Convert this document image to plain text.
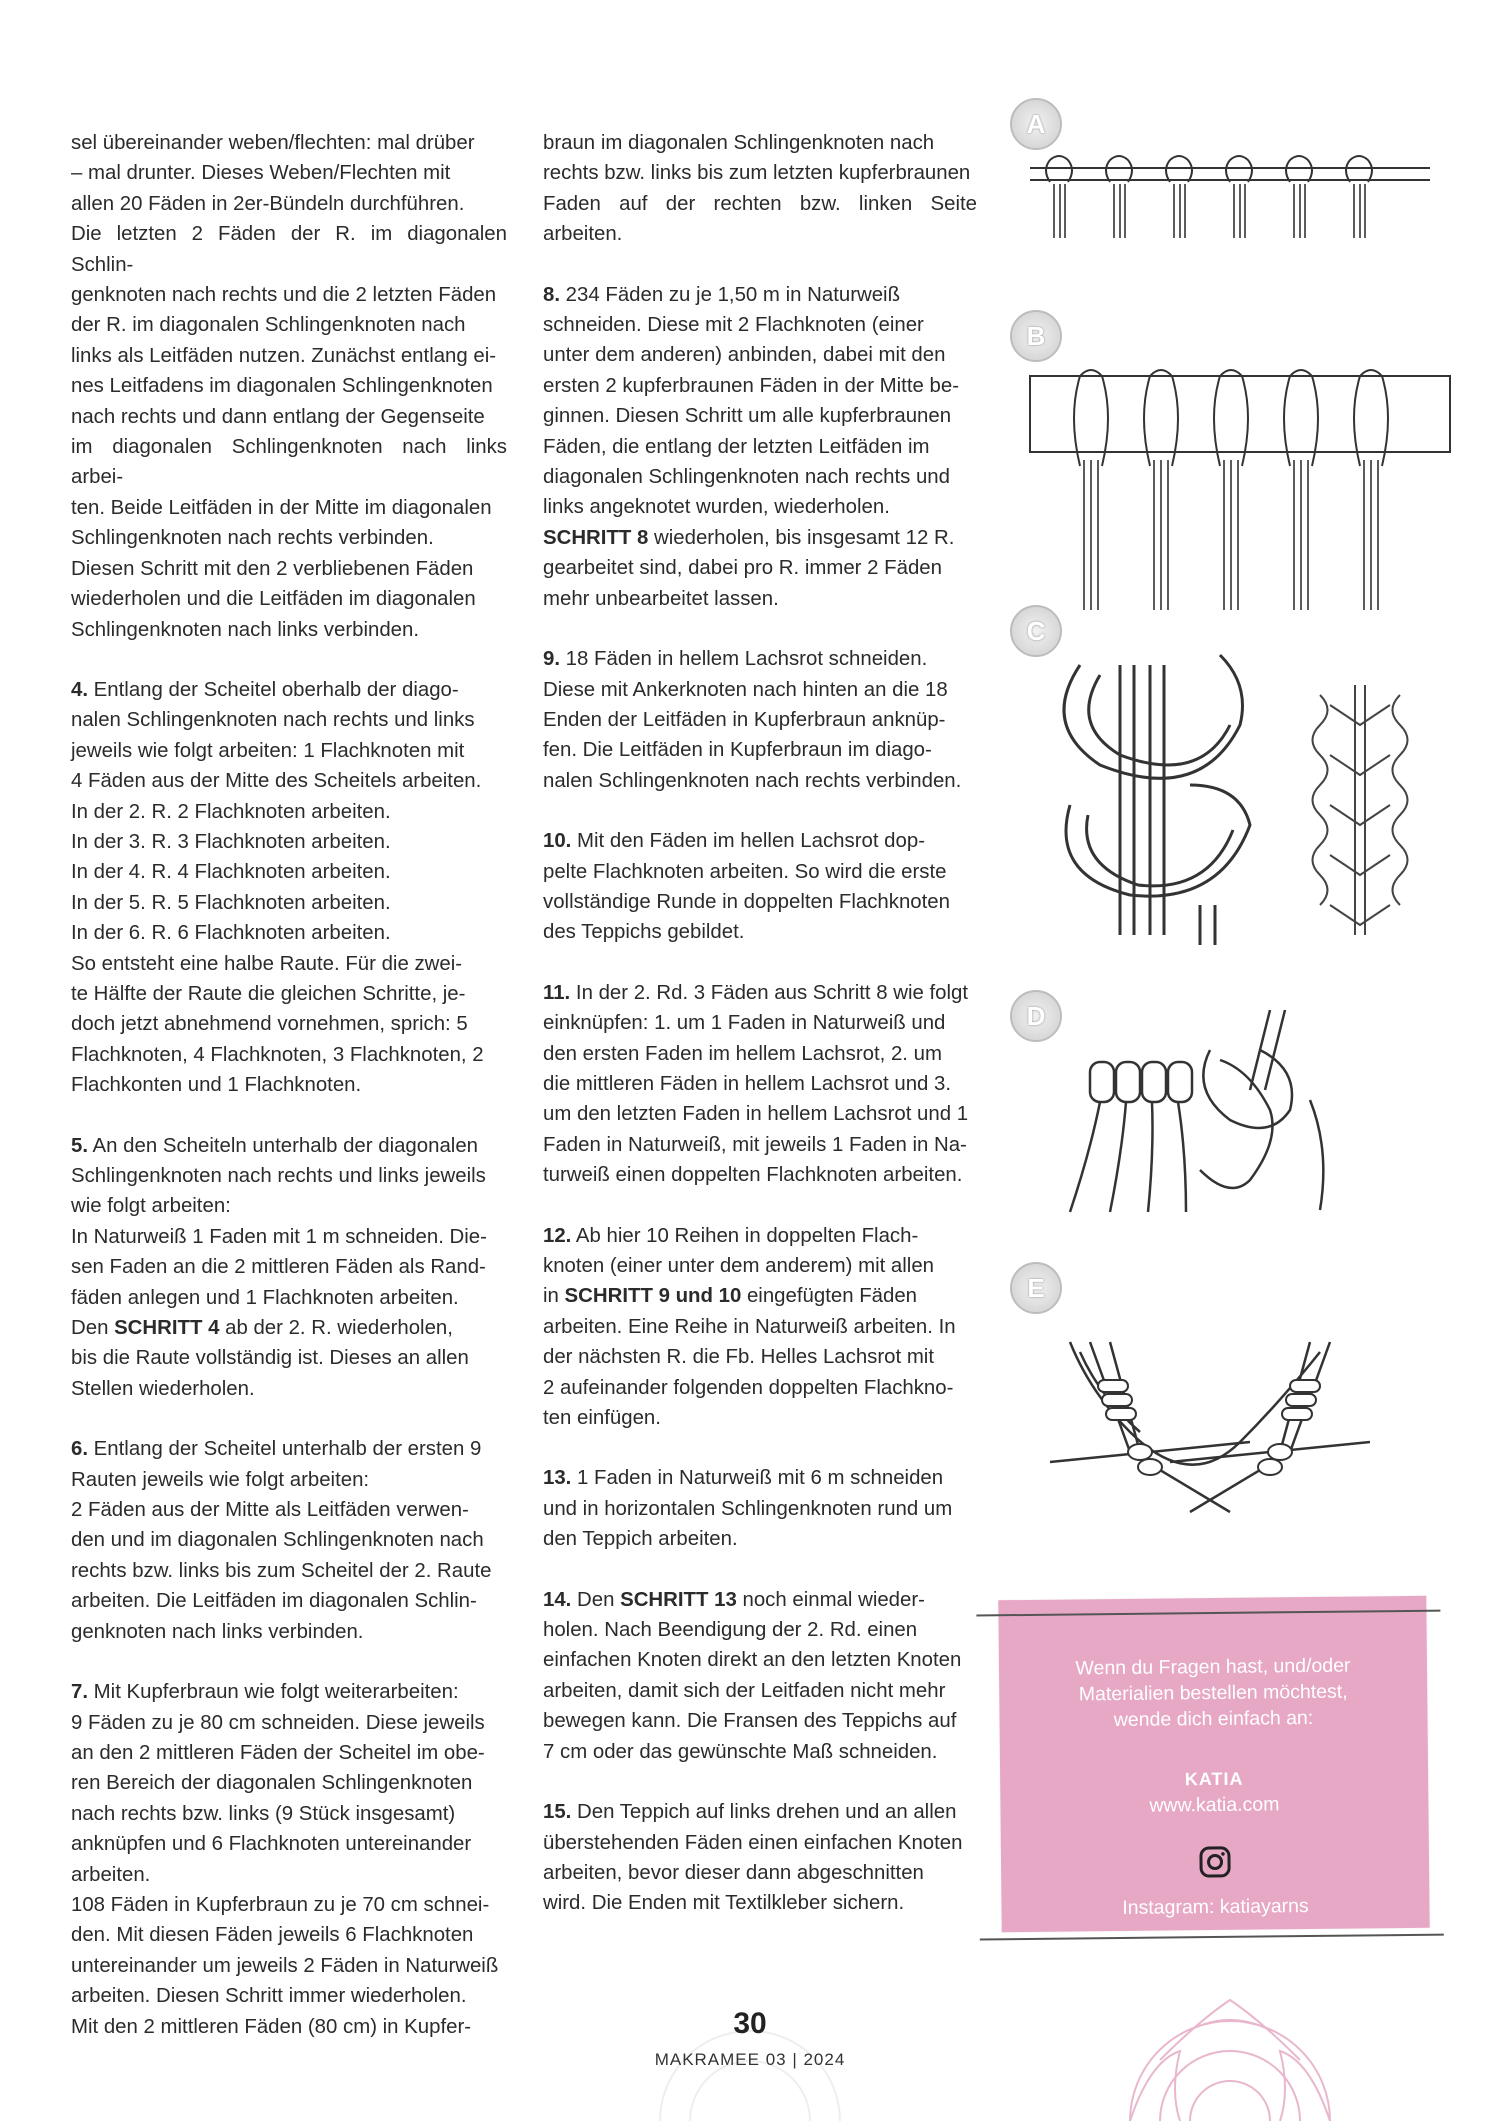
sel übereinander weben/flechten: mal drüber
– mal drunter. Dieses Weben/Flechten mit
allen 20 Fäden in 2er-Bündeln durchführen.
Die letzten 2 Fäden der R. im diagonalen Schlin-
genknoten nach rechts und die 2 letzten Fäden
der R. im diagonalen Schlingenknoten nach
links als Leitfäden nutzen. Zunächst entlang ei-
nes Leitfadens im diagonalen Schlingenknoten
nach rechts und dann entlang der Gegenseite
im diagonalen Schlingenknoten nach links arbei-
ten. Beide Leitfäden in der Mitte im diagonalen
Schlingenknoten nach rechts verbinden.
Diesen Schritt mit den 2 verbliebenen Fäden
wiederholen und die Leitfäden im diagonalen
Schlingenknoten nach links verbinden.

4. Entlang der Scheitel oberhalb der diago-

nalen Schlingenknoten nach rechts und links
jeweils wie folgt arbeiten: 1 Flachknoten mit
4 Fäden aus der Mitte des Scheitels arbeiten.
In der 2. R. 2 Flachknoten arbeiten.
In der 3. R. 3 Flachknoten arbeiten.
In der 4. R. 4 Flachknoten arbeiten.
In der 5. R. 5 Flachknoten arbeiten.
In der 6. R. 6 Flachknoten arbeiten.
So entsteht eine halbe Raute. Für die zwei-
te Hälfte der Raute die gleichen Schritte, je-
doch jetzt abnehmend vornehmen, sprich: 5
Flachknoten, 4 Flachknoten, 3 Flachknoten, 2
Flachkonten und 1 Flachknoten.

5. An den Scheiteln unterhalb der diagonalen

Schlingenknoten nach rechts und links jeweils
wie folgt arbeiten:
In Naturweiß 1 Faden mit 1 m schneiden. Die-
sen Faden an die 2 mittleren Fäden als Rand-
fäden anlegen und 1 Flachknoten arbeiten.
Den SCHRITT 4 ab der 2. R. wiederholen,
bis die Raute vollständig ist. Dieses an allen

Stellen wiederholen.

6. Entlang der Scheitel unterhalb der ersten 9

Rauten jeweils wie folgt arbeiten:
2 Fäden aus der Mitte als Leitfäden verwen-
den und im diagonalen Schlingenknoten nach
rechts bzw. links bis zum Scheitel der 2. Raute
arbeiten. Die Leitfäden im diagonalen Schlin-
genknoten nach links verbinden.

7. Mit Kupferbraun wie folgt weiterarbeiten:

9 Fäden zu je 80 cm schneiden. Diese jeweils
an den 2 mittleren Fäden der Scheitel im obe-
ren Bereich der diagonalen Schlingenknoten
nach rechts bzw. links (9 Stück insgesamt)
anknüpfen und 6 Flachknoten untereinander
arbeiten.
108 Fäden in Kupferbraun zu je 70 cm schnei-
den. Mit diesen Fäden jeweils 6 Flachknoten
untereinander um jeweils 2 Fäden in Naturweiß
arbeiten. Diesen Schritt immer wiederholen.
Mit den 2 mittleren Fäden (80 cm) in Kupfer-

braun im diagonalen Schlingenknoten nach
rechts bzw. links bis zum letzten kupferbraunen
Faden auf der rechten bzw. linken Seite arbeiten.

8. 234 Fäden zu je 1,50 m in Naturweiß

schneiden. Diese mit 2 Flachknoten (einer
unter dem anderen) anbinden, dabei mit den
ersten 2 kupferbraunen Fäden in der Mitte be-
ginnen. Diesen Schritt um alle kupferbraunen
Fäden, die entlang der letzten Leitfäden im
diagonalen Schlingenknoten nach rechts und
links angeknotet wurden, wiederholen.
SCHRITT 8 wiederholen, bis insgesamt 12 R.
gearbeitet sind, dabei pro R. immer 2 Fäden

mehr unbearbeitet lassen.

9. 18 Fäden in hellem Lachsrot schneiden.

Diese mit Ankerknoten nach hinten an die 18
Enden der Leitfäden in Kupferbraun anknüp-
fen. Die Leitfäden in Kupferbraun im diago-
nalen Schlingenknoten nach rechts verbinden.

10. Mit den Fäden im hellen Lachsrot dop-

pelte Flachknoten arbeiten. So wird die erste
vollständige Runde in doppelten Flachknoten
des Teppichs gebildet.

11. In der 2. Rd. 3 Fäden aus Schritt 8 wie folgt

einknüpfen: 1. um 1 Faden in Naturweiß und
den ersten Faden im hellem Lachsrot, 2. um
die mittleren Fäden in hellem Lachsrot und 3.
um den letzten Faden in hellem Lachsrot und 1
Faden in Naturweiß, mit jeweils 1 Faden in Na-
turweiß einen doppelten Flachknoten arbeiten.

12. Ab hier 10 Reihen in doppelten Flach-

knoten (einer unter dem anderem) mit allen
in SCHRITT 9 und 10 eingefügten Fäden
arbeiten. Eine Reihe in Naturweiß arbeiten. In

der nächsten R. die Fb. Helles Lachsrot mit
2 aufeinander folgenden doppelten Flachkno-
ten einfügen.

13. 1 Faden in Naturweiß mit 6 m schneiden

und in horizontalen Schlingenknoten rund um
den Teppich arbeiten.

14. Den SCHRITT 13 noch einmal wieder-
holen. Nach Beendigung der 2. Rd. einen

einfachen Knoten direkt an den letzten Knoten
arbeiten, damit sich der Leitfaden nicht mehr
bewegen kann. Die Fransen des Teppichs auf
7 cm oder das gewünschte Maß schneiden.

15. Den Teppich auf links drehen und an allen

überstehenden Fäden einen einfachen Knoten
arbeiten, bevor dieser dann abgeschnitten
wird. Die Enden mit Textilkleber sichern.

A
B
C
D
E
Wenn du Fragen hast, und/oder
Materialien bestellen möchtest,
wende dich einfach an:
KATIA
www.katia.com
Instagram: katiayarns
30
MAKRAMEE 03 | 2024
